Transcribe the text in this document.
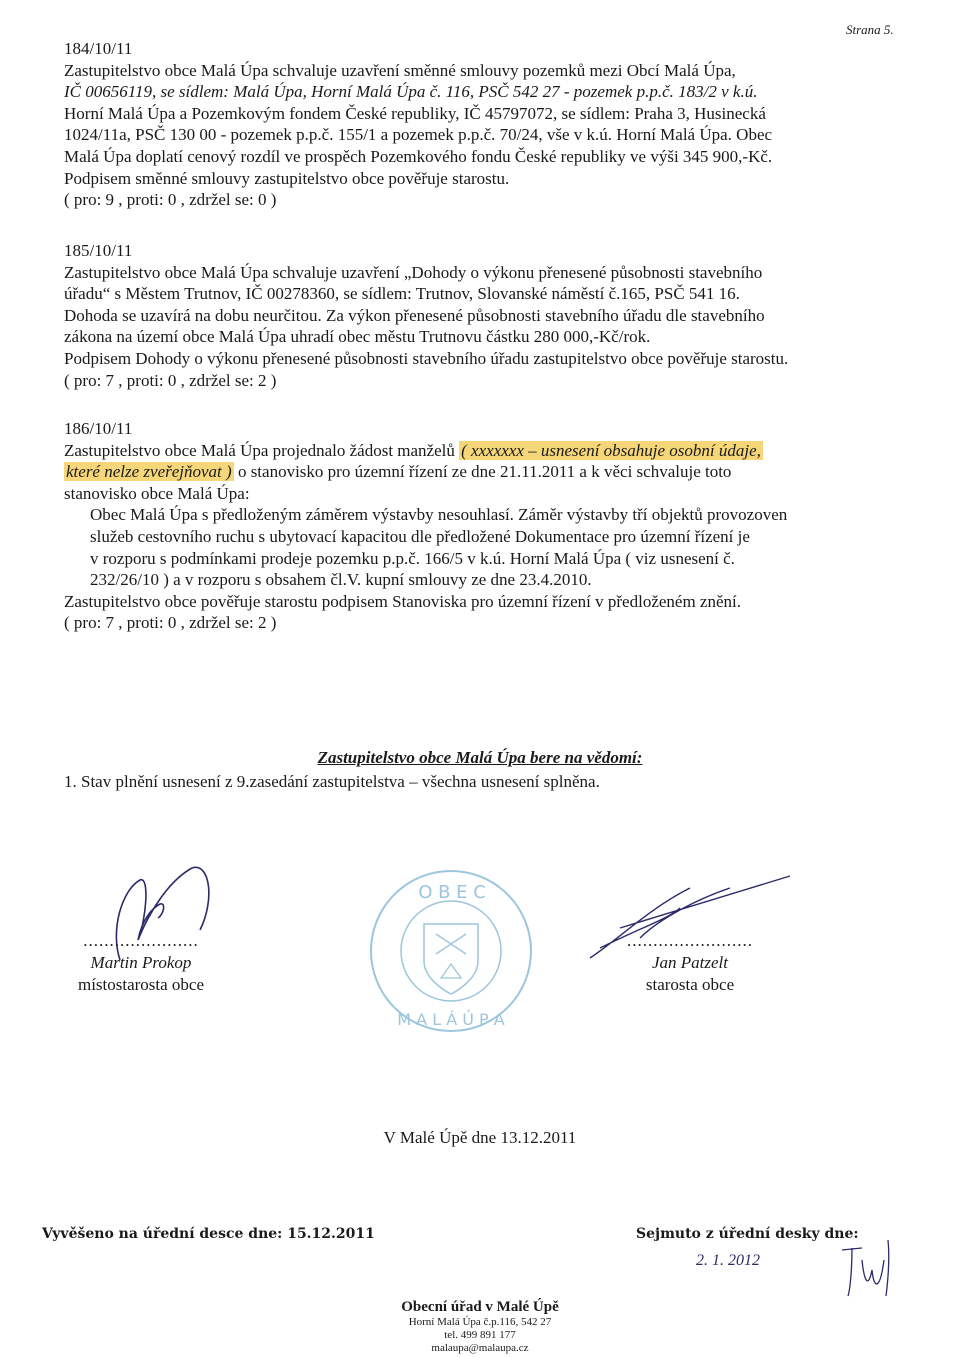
Strana 5.

184/10/11

Zastupitelstvo obce Malá Úpa schvaluje uzavření směnné smlouvy pozemků mezi Obcí Malá Úpa,

IČ 00656119, se sídlem: Malá Úpa, Horní Malá Úpa č. 116, PSČ 542 27 - pozemek p.p.č. 183/2 v k.ú.

Horní Malá Úpa a Pozemkovým fondem České republiky, IČ 45797072, se sídlem: Praha 3, Husinecká

1024/11a, PSČ 130 00 - pozemek p.p.č. 155/1 a pozemek p.p.č. 70/24, vše v k.ú. Horní Malá Úpa. Obec

Malá Úpa doplatí cenový rozdíl ve prospěch Pozemkového fondu České republiky ve výši 345 900,-Kč.

Podpisem směnné smlouvy zastupitelstvo obce pověřuje starostu.

( pro: 9 , proti: 0 , zdržel se: 0 )

185/10/11

Zastupitelstvo obce Malá Úpa schvaluje uzavření „Dohody o výkonu přenesené působnosti stavebního

úřadu“ s Městem Trutnov, IČ 00278360, se sídlem: Trutnov, Slovanské náměstí č.165, PSČ 541 16.

Dohoda se uzavírá na dobu neurčitou. Za výkon přenesené působnosti stavebního úřadu dle stavebního

zákona na území obce Malá Úpa uhradí obec městu Trutnovu částku 280 000,-Kč/rok.

Podpisem Dohody o výkonu přenesené působnosti stavebního úřadu zastupitelstvo obce pověřuje starostu.

( pro: 7 , proti: 0 , zdržel se: 2 )

186/10/11

Zastupitelstvo obce Malá Úpa projednalo žádost manželů ( xxxxxxx – usnesení obsahuje osobní údaje,

které nelze zveřejňovat ) o stanovisko pro územní řízení ze dne 21.11.2011 a k věci schvaluje toto

stanovisko obce Malá Úpa:

Obec Malá Úpa s předloženým záměrem výstavby nesouhlasí. Záměr výstavby tří objektů provozoven

služeb cestovního ruchu s ubytovací kapacitou dle předložené Dokumentace pro územní řízení je

v rozporu s podmínkami prodeje pozemku p.p.č. 166/5 v k.ú. Horní Malá Úpa ( viz usnesení č.

232/26/10 ) a v rozporu s obsahem čl.V. kupní smlouvy ze dne 23.4.2010.

Zastupitelstvo obce pověřuje starostu podpisem Stanoviska pro územní řízení v předloženém znění.

( pro: 7 , proti: 0 , zdržel se: 2 )

Zastupitelstvo obce Malá Úpa bere na vědomí:
1. Stav plnění usnesení z 9.zasedání zastupitelstva – všechna usnesení splněna.
O B E C
M A L Á Ú P A
......................
Martin Prokop
místostarosta obce
........................
Jan Patzelt
starosta obce
V Malé Úpě dne 13.12.2011
Vyvěšeno na úřední desce dne: 15.12.2011	Sejmuto z úřední desky dne:
2. 1. 2012
Obecní úřad v Malé Úpě
Horní Malá Úpa č.p.116, 542 27
tel. 499 891 177
malaupa@malaupa.cz
